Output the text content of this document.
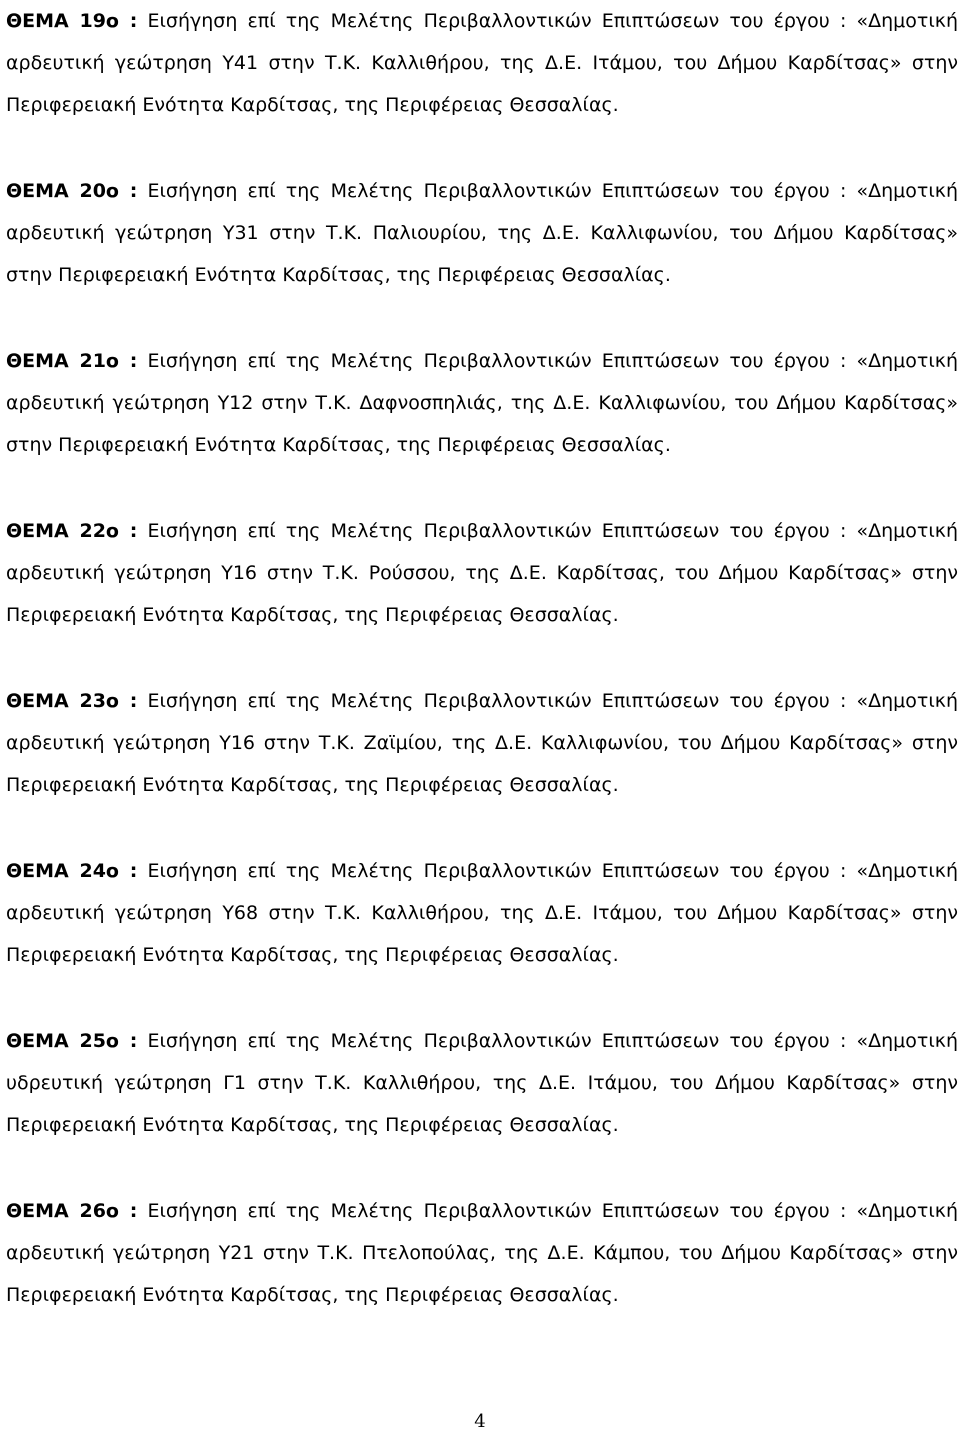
ΘΕΜΑ 19ο : Εισήγηση επί της Μελέτης Περιβαλλοντικών Επιπτώσεων του έργου : «Δημοτική αρδευτική γεώτρηση Υ41 στην Τ.Κ. Καλλιθήρου, της Δ.Ε. Ιτάμου, του Δήμου Καρδίτσας» στην Περιφερειακή Ενότητα Καρδίτσας, της Περιφέρειας Θεσσαλίας.

ΘΕΜΑ 20ο : Εισήγηση επί της Μελέτης Περιβαλλοντικών Επιπτώσεων του έργου : «Δημοτική αρδευτική γεώτρηση Υ31 στην Τ.Κ. Παλιουρίου, της Δ.Ε. Καλλιφωνίου, του Δήμου Καρδίτσας» στην Περιφερειακή Ενότητα Καρδίτσας, της Περιφέρειας Θεσσαλίας.

ΘΕΜΑ 21ο : Εισήγηση επί της Μελέτης Περιβαλλοντικών Επιπτώσεων του έργου : «Δημοτική αρδευτική γεώτρηση Υ12 στην Τ.Κ. Δαφνοσπηλιάς, της Δ.Ε. Καλλιφωνίου, του Δήμου Καρδίτσας» στην Περιφερειακή Ενότητα Καρδίτσας, της Περιφέρειας Θεσσαλίας.

ΘΕΜΑ 22ο : Εισήγηση επί της Μελέτης Περιβαλλοντικών Επιπτώσεων του έργου : «Δημοτική αρδευτική γεώτρηση Υ16 στην Τ.Κ. Ρούσσου, της Δ.Ε. Καρδίτσας, του Δήμου Καρδίτσας» στην Περιφερειακή Ενότητα Καρδίτσας, της Περιφέρειας Θεσσαλίας.

ΘΕΜΑ 23ο : Εισήγηση επί της Μελέτης Περιβαλλοντικών Επιπτώσεων του έργου : «Δημοτική αρδευτική γεώτρηση Υ16 στην Τ.Κ. Ζαϊμίου, της Δ.Ε. Καλλιφωνίου, του Δήμου Καρδίτσας» στην Περιφερειακή Ενότητα Καρδίτσας, της Περιφέρειας Θεσσαλίας.

ΘΕΜΑ 24ο : Εισήγηση επί της Μελέτης Περιβαλλοντικών Επιπτώσεων του έργου : «Δημοτική αρδευτική γεώτρηση Υ68 στην Τ.Κ. Καλλιθήρου, της Δ.Ε. Ιτάμου, του Δήμου Καρδίτσας» στην Περιφερειακή Ενότητα Καρδίτσας, της Περιφέρειας Θεσσαλίας.

ΘΕΜΑ 25ο : Εισήγηση επί της Μελέτης Περιβαλλοντικών Επιπτώσεων του έργου : «Δημοτική υδρευτική γεώτρηση Γ1 στην Τ.Κ. Καλλιθήρου, της Δ.Ε. Ιτάμου, του Δήμου Καρδίτσας» στην Περιφερειακή Ενότητα Καρδίτσας, της Περιφέρειας Θεσσαλίας.

ΘΕΜΑ 26ο : Εισήγηση επί της Μελέτης Περιβαλλοντικών Επιπτώσεων του έργου : «Δημοτική αρδευτική γεώτρηση Υ21 στην Τ.Κ. Πτελοπούλας, της Δ.Ε. Κάμπου, του Δήμου Καρδίτσας» στην Περιφερειακή Ενότητα Καρδίτσας, της Περιφέρειας Θεσσαλίας.

4
